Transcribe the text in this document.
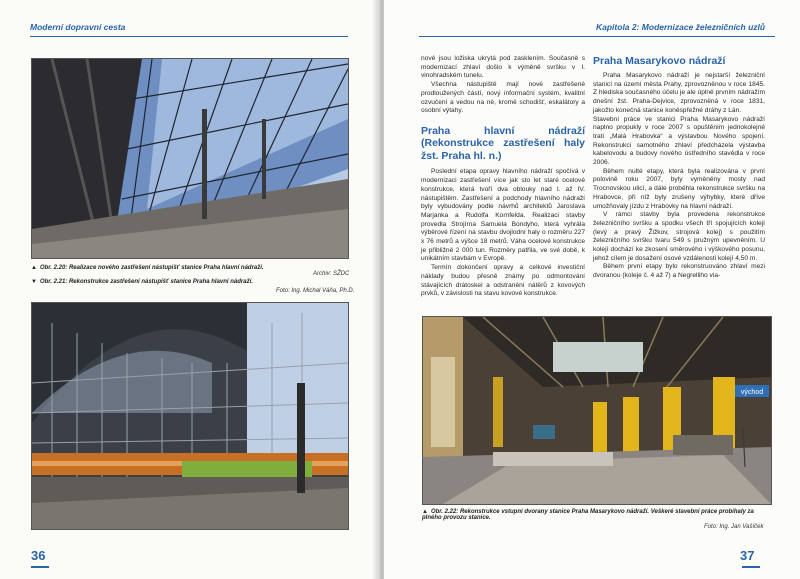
Moderní dopravní cesta
▲ Obr. 2.20: Realizace nového zastřešení nástupišť stanice Praha hlavní nádraží.
Archiv: SŽDC
▼ Obr. 2.21: Rekonstrukce zastřešení nástupišť stanice Praha hlavní nádraží.
Foto: Ing. Michal Váňa, Ph.D.
36
Kapitola 2: Modernizace železničních uzlů

nové jsou ložiska ukrytá pod zasklením. Současně s modernizací zhlaví došlo k výměně svršku v I. vinohradském tunelu.

Všechna nástupiště mají nové zastřešené prodloužených částí, nový informační systém, kvalitní ozvučení a vedou na ně, kromě schodišť, eskalátory a osobní výtahy.

Praha hlavní nádraží (Rekonstrukce zastřešení haly žst. Praha hl. n.)

Poslední etapa opravy hlavního nádraží spočívá v modernizaci zastřešení více jak sto let staré ocelové konstrukce, která tvoří dva oblouky nad I. až IV. nástupištěm. Zastřešení a podchody hlavního nádraží byly vybudovány podle návrhů architektů Jaroslava Marjanka a Rudolfa Kornfelda. Realizaci stavby provedla Strojírna Samuela Bondyho, která vyhrála výběrové řízení na stavbu dvojlodní haly o rozměru 227 x 76 metrů a výšce 18 metrů. Váha ocelové konstrukce je přibližně 2 000 tun. Rozměry patřila, ve své době, k unikátním stavbám v Evropě.

Termín dokončení opravy a celkové investiční náklady budou přesně známy po odmontování stávajících drátoskel a odstranění nátěrů z kovových prvků, v závislosti na stavu kovové konstrukce.

Praha Masarykovo nádraží

Praha Masarykovo nádraží je nejstarší železniční stanicí na území města Prahy, zprovozněnou v roce 1845. Z hlediska současného účelu je ale úplně prvním nádražím dnešní žst. Praha-Dejvice, zprovozněná v roce 1831, jakožto konečná stanice koněspřežné dráhy z Lán.

Stavební práce ve stanici Praha Masarykovo nádraží naplno propukly v roce 2007 s opuštěním jednokolejné trati „Malá Hrabovka“ a výstavbou Nového spojení. Rekonstrukci samotného zhlaví předcházela výstavba kabelovodu a budovy nového ústředního stavědla v roce 2006.

Během nulté etapy, která byla realizována v první polovině roku 2007, byly vyměněny mosty nad Trocnovskou ulicí, a dále proběhla rekonstrukce svršku na Hrabovce, při níž byly zrušeny výhybky, které dříve umožňovaly jízdu z Hrabovky na hlavní nádraží.

V rámci stavby byla provedena rekonstrukce železničního svršku a spodku všech tří spojujících kolejí (levý a pravý Žižkov, strojová kolej) s použitím železničního svršku tvaru 549 s pružným upevněním. U kolejí dochází ke zkosení směrového i výškového posunu, jehož cílem je dosažení osové vzdálenosti kolejí 4,50 m.

Během první etapy bylo rekonstruováno zhlaví mezi dvoranou (koleje č. 4 až 7) a Negrelliho via-

východ
▲ Obr. 2.22: Rekonstrukce vstupní dvorany stanice Praha Masarykovo nádraží. Veškeré stavební práce probíhaly za plného provozu stanice.
Foto: Ing. Jan Vašíček
37
